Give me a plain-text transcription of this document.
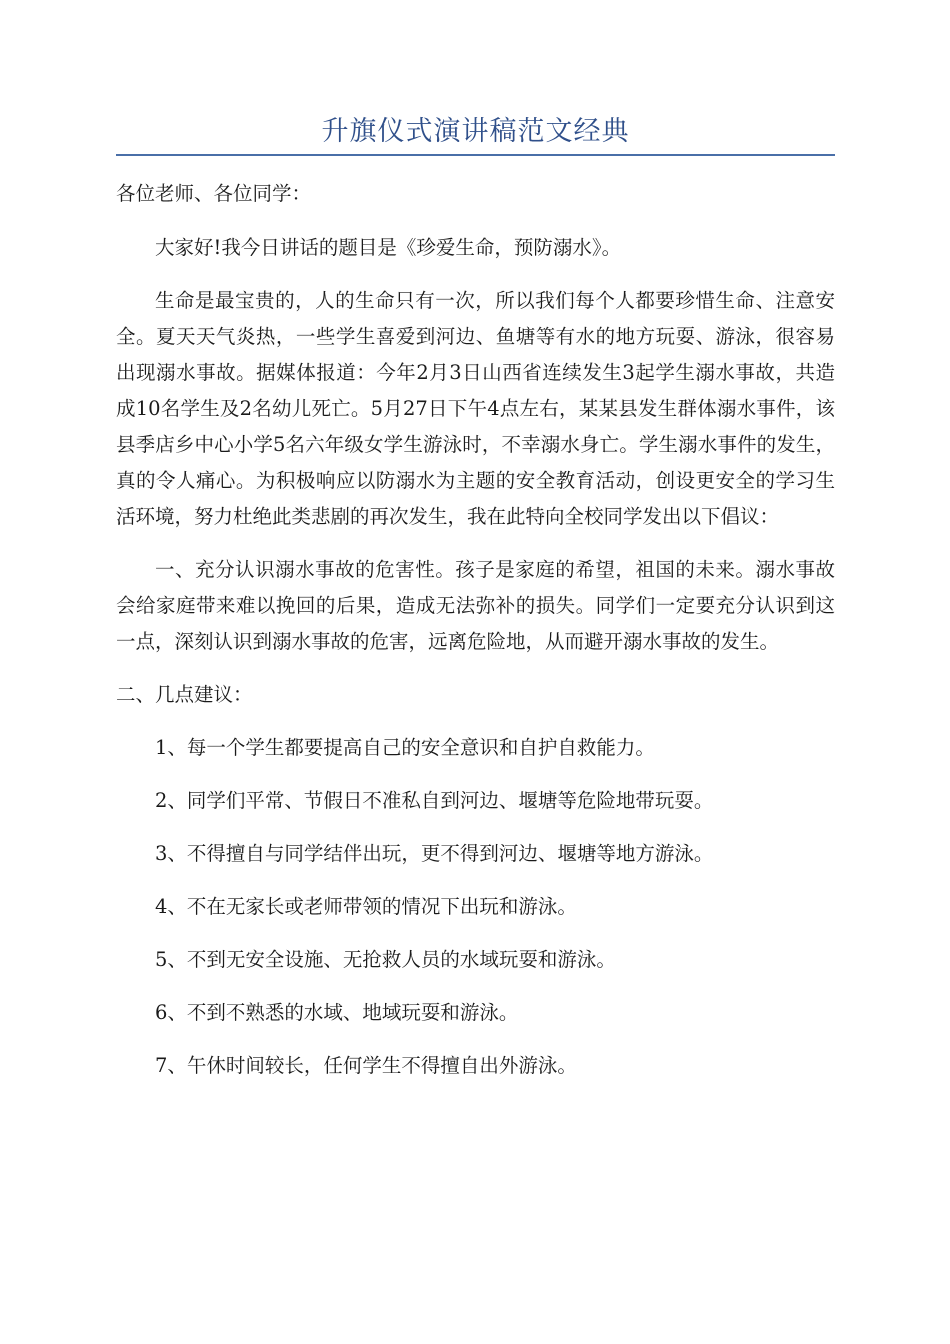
升旗仪式演讲稿范文经典

各位老师、各位同学：

大家好!我今日讲话的题目是《珍爱生命，预防溺水》。

生命是最宝贵的，人的生命只有一次，所以我们每个人都要珍惜生命、注意安全。夏天天气炎热，一些学生喜爱到河边、鱼塘等有水的地方玩耍、游泳，很容易出现溺水事故。据媒体报道：今年2月3日山西省连续发生3起学生溺水事故，共造成10名学生及2名幼儿死亡。5月27日下午4点左右，某某县发生群体溺水事件，该县季店乡中心小学5名六年级女学生游泳时，不幸溺水身亡。学生溺水事件的发生，真的令人痛心。为积极响应以防溺水为主题的安全教育活动，创设更安全的学习生活环境，努力杜绝此类悲剧的再次发生，我在此特向全校同学发出以下倡议：

一、充分认识溺水事故的危害性。孩子是家庭的希望，祖国的未来。溺水事故会给家庭带来难以挽回的后果，造成无法弥补的损失。同学们一定要充分认识到这一点，深刻认识到溺水事故的危害，远离危险地，从而避开溺水事故的发生。

二、几点建议：

1、每一个学生都要提高自己的安全意识和自护自救能力。

2、同学们平常、节假日不准私自到河边、堰塘等危险地带玩耍。

3、不得擅自与同学结伴出玩，更不得到河边、堰塘等地方游泳。

4、不在无家长或老师带领的情况下出玩和游泳。

5、不到无安全设施、无抢救人员的水域玩耍和游泳。

6、不到不熟悉的水域、地域玩耍和游泳。

7、午休时间较长，任何学生不得擅自出外游泳。
